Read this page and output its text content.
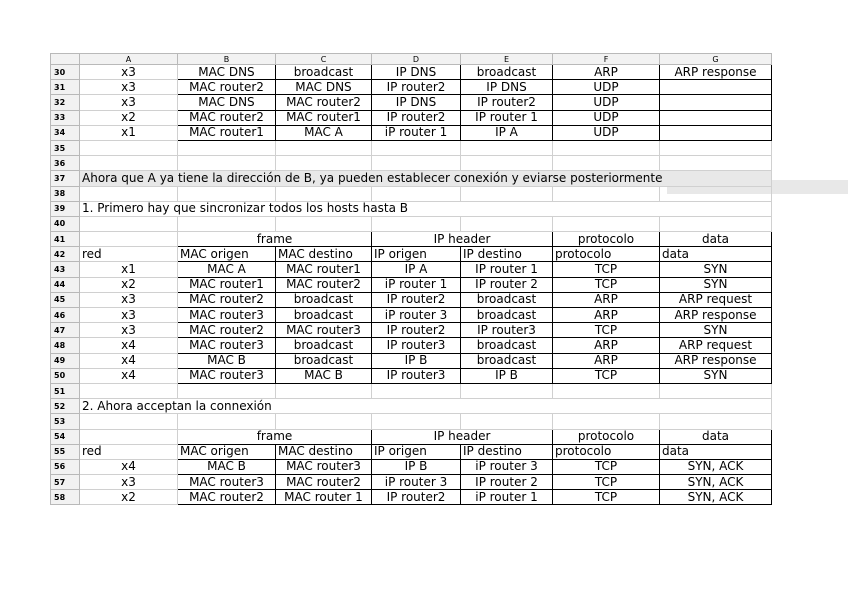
	A	B	C	D	E	F	G
30	x3	MAC DNS	broadcast	IP DNS	broadcast	ARP	ARP response
31	x3	MAC router2	MAC DNS	IP router2	IP DNS	UDP	
32	x3	MAC DNS	MAC router2	IP DNS	IP router2	UDP	
33	x2	MAC router2	MAC router1	IP router2	IP router 1	UDP	
34	x1	MAC router1	MAC A	iP router 1	IP A	UDP	
35							
36							
37	Ahora que A ya tiene la dirección de B, ya pueden establecer conexión y eviarse posteriormente						
38							
39	1. Primero hay que sincronizar todos los hosts hasta B						
40							
41		frame		IP header		protocolo	data
42	red	MAC origen	MAC destino	IP origen	IP destino	protocolo	data
43	x1	MAC A	MAC router1	IP A	IP router 1	TCP	SYN
44	x2	MAC router1	MAC router2	iP router 1	IP router 2	TCP	SYN
45	x3	MAC router2	broadcast	IP router2	broadcast	ARP	ARP request
46	x3	MAC router3	broadcast	iP router 3	broadcast	ARP	ARP response
47	x3	MAC router2	MAC router3	IP router2	IP router3	TCP	SYN
48	x4	MAC router3	broadcast	IP router3	broadcast	ARP	ARP request
49	x4	MAC B	broadcast	IP B	broadcast	ARP	ARP response
50	x4	MAC router3	MAC B	IP router3	IP B	TCP	SYN
51							
52	2. Ahora acceptan la connexión						
53							
54		frame		IP header		protocolo	data
55	red	MAC origen	MAC destino	IP origen	IP destino	protocolo	data
56	x4	MAC B	MAC router3	IP B	iP router 3	TCP	SYN, ACK
57	x3	MAC router3	MAC router2	iP router 3	IP router 2	TCP	SYN, ACK
58	x2	MAC router2	MAC router 1	IP router2	iP router 1	TCP	SYN, ACK
